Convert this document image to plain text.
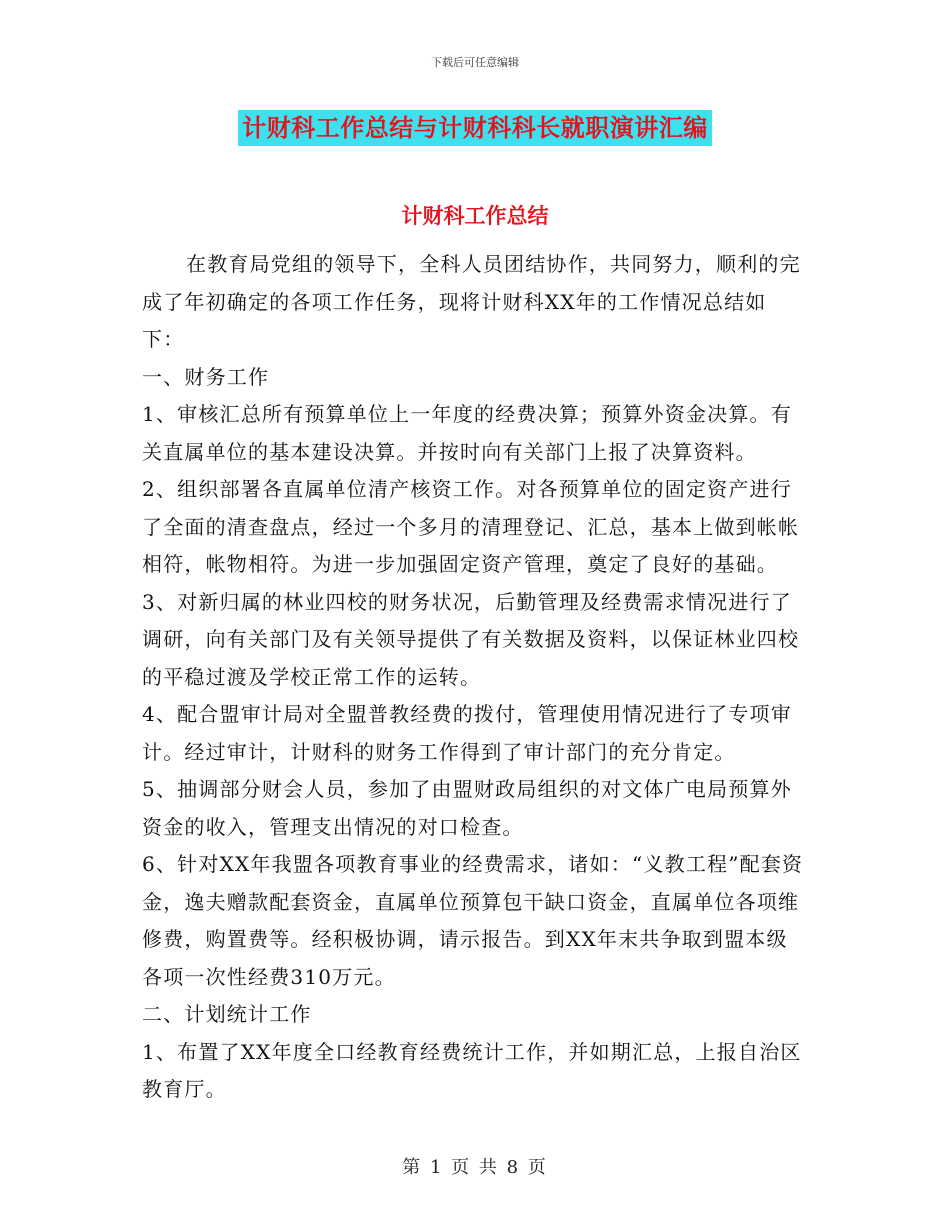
下载后可任意编辑
计财科工作总结与计财科科长就职演讲汇编
计财科工作总结

在教育局党组的领导下，全科人员团结协作，共同努力，顺利的完成了年初确定的各项工作任务，现将计财科XX年的工作情况总结如下：

一、财务工作

1、审核汇总所有预算单位上一年度的经费决算；预算外资金决算。有关直属单位的基本建设决算。并按时向有关部门上报了决算资料。

2、组织部署各直属单位清产核资工作。对各预算单位的固定资产进行了全面的清查盘点，经过一个多月的清理登记、汇总，基本上做到帐帐相符，帐物相符。为进一步加强固定资产管理，奠定了良好的基础。

3、对新归属的林业四校的财务状况，后勤管理及经费需求情况进行了调研，向有关部门及有关领导提供了有关数据及资料，以保证林业四校的平稳过渡及学校正常工作的运转。

4、配合盟审计局对全盟普教经费的拨付，管理使用情况进行了专项审计。经过审计，计财科的财务工作得到了审计部门的充分肯定。

5、抽调部分财会人员，参加了由盟财政局组织的对文体广电局预算外资金的收入，管理支出情况的对口检查。

6、针对XX年我盟各项教育事业的经费需求，诸如：“义教工程”配套资金，逸夫赠款配套资金，直属单位预算包干缺口资金，直属单位各项维修费，购置费等。经积极协调，请示报告。到XX年末共争取到盟本级各项一次性经费310万元。

二、计划统计工作

1、布置了XX年度全口经教育经费统计工作，并如期汇总，上报自治区教育厅。

第 1 页 共 8 页
